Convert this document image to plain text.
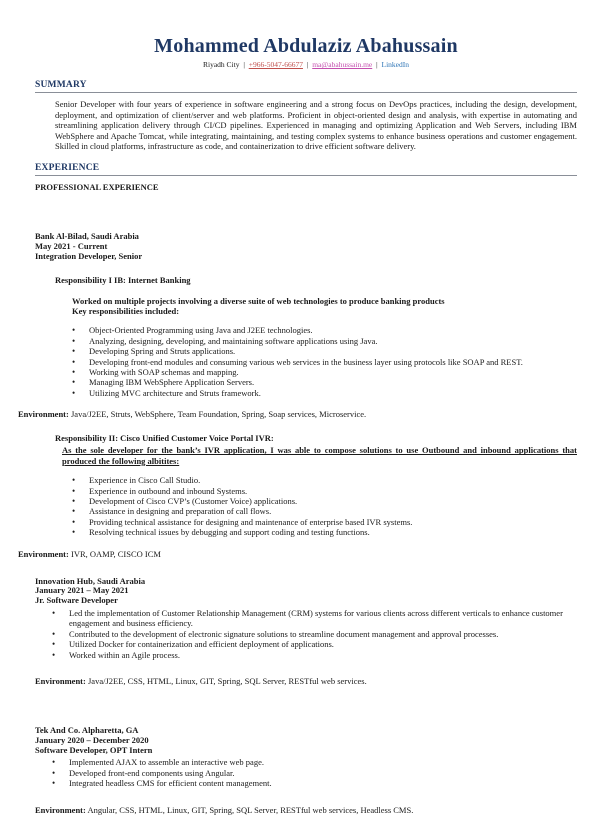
Mohammed Abdulaziz Abahussain
Riyadh City | +966-5047-66677 | ma@abahussain.me | LinkedIn
SUMMARY

Senior Developer with four years of experience in software engineering and a strong focus on DevOps practices, including the design, development, deployment, and optimization of client/server and web platforms. Proficient in object-oriented design and analysis, with expertise in automating and streamlining application delivery through CI/CD pipelines. Experienced in managing and optimizing Application and Web Servers, including IBM WebSphere and Apache Tomcat, while integrating, maintaining, and testing complex systems to enhance business operations and customer engagement. Skilled in cloud platforms, infrastructure as code, and containerization to drive efficient software delivery.

EXPERIENCE

PROFESSIONAL EXPERIENCE

Bank Al-Bilad, Saudi Arabia
May 2021 - Current
Integration Developer, Senior
Responsibility I IB: Internet Banking
Worked on multiple projects involving a diverse suite of web technologies to produce banking products
Key responsibilities included:
• Object-Oriented Programming using Java and J2EE technologies.
• Analyzing, designing, developing, and maintaining software applications using Java.
• Developing Spring and Struts applications.
• Developing front-end modules and consuming various web services in the business layer using protocols like SOAP and REST.
• Working with SOAP schemas and mapping.
• Managing IBM WebSphere Application Servers.
• Utilizing MVC architecture and Struts framework.
Environment: Java/J2EE, Struts, WebSphere, Team Foundation, Spring, Soap services, Microservice.
Responsibility II: Cisco Unified Customer Voice Portal IVR:
As the sole developer for the bank’s IVR application, I was able to compose solutions to use Outbound and inbound applications that produced the following albitites:
• Experience in Cisco Call Studio.
• Experience in outbound and inbound Systems.
• Development of Cisco CVP’s (Customer Voice) applications.
• Assistance in designing and preparation of call flows.
• Providing technical assistance for designing and maintenance of enterprise based IVR systems.
• Resolving technical issues by debugging and support coding and testing functions.
Environment: IVR, OAMP, CISCO ICM
Innovation Hub, Saudi Arabia
January 2021 – May 2021
Jr. Software Developer
• Led the implementation of Customer Relationship Management (CRM) systems for various clients across different verticals to enhance customer engagement and business efficiency.
• Contributed to the development of electronic signature solutions to streamline document management and approval processes.
• Utilized Docker for containerization and efficient deployment of applications.
• Worked within an Agile process.
Environment: Java/J2EE, CSS, HTML, Linux, GIT, Spring, SQL Server, RESTful web services.
Tek And Co. Alpharetta, GA
January 2020 – December 2020
Software Developer, OPT Intern
• Implemented AJAX to assemble an interactive web page.
• Developed front-end components using Angular.
• Integrated headless CMS for efficient content management.
Environment: Angular, CSS, HTML, Linux, GIT, Spring, SQL Server, RESTful web services, Headless CMS.
